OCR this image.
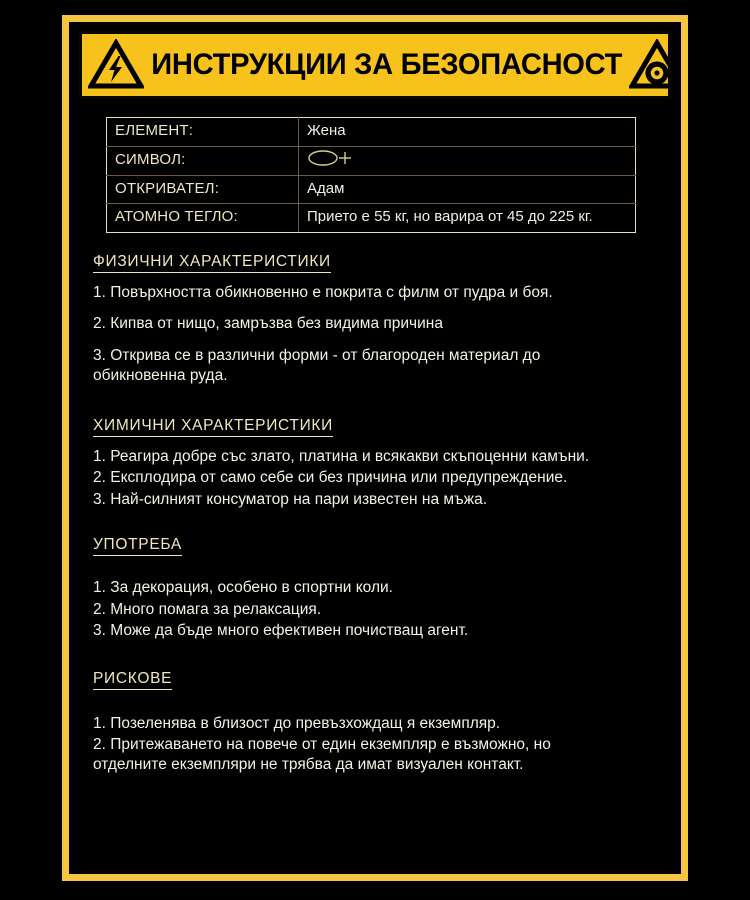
ИНСТРУКЦИИ ЗА БЕЗОПАСНОСТ
ЕЛЕМЕНТ:	Жена
СИМВОЛ:	
ОТКРИВАТЕЛ:	Адам
АТОМНО ТЕГЛО:	Прието е 55 кг, но варира от 45 до 225 кг.
ФИЗИЧНИ ХАРАКТЕРИСТИКИ
1. Повърхността обикновенно е покрита с филм от пудра и боя.
2. Кипва от нищо, замръзва без видима причина
3. Открива се в различни форми - от благороден материал до обикновенна руда.
ХИМИЧНИ ХАРАКТЕРИСТИКИ
1. Реагира добре със злато, платина и всякакви скъпоценни камъни.
2. Експлодира от само себе си без причина или предупреждение.
3. Най-силният консуматор на пари известен на мъжа.
УПОТРЕБА
1. За декорация, особено в спортни коли.
2. Много помага за релаксация.
3. Може да бъде много ефективен почистващ агент.
РИСКОВЕ
1. Позеленява в близост до превъзхождащ я екземпляр.
2. Притежаването на повече от един екземпляр е възможно, но отделните екземпляри не трябва да имат визуален контакт.
